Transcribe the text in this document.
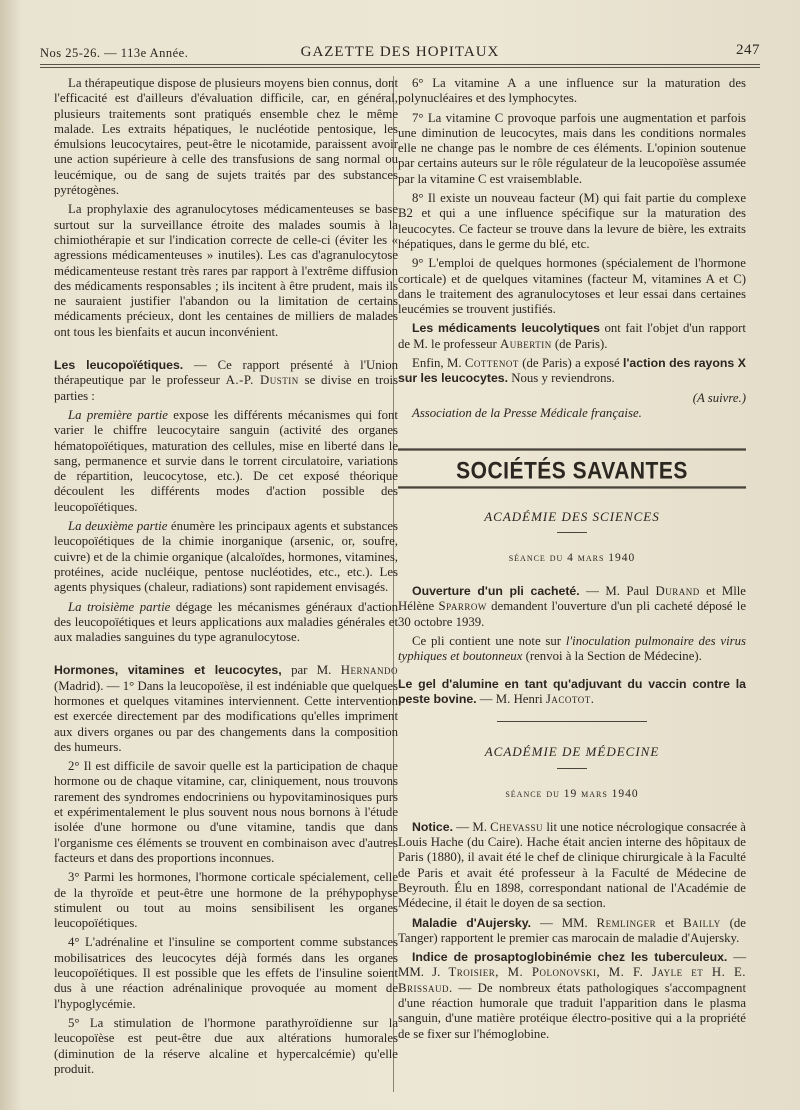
Nos 25-26. — 113e Année.	GAZETTE DES HOPITAUX	247

La thérapeutique dispose de plusieurs moyens bien connus, dont l'efficacité est d'ailleurs d'évaluation difficile, car, en général, plusieurs traitements sont pratiqués ensemble chez le même malade. Les extraits hépatiques, le nucléotide pentosique, les émulsions leucocytaires, peut-être le nicotamide, paraissent avoir une action supérieure à celle des transfusions de sang normal ou leucémique, ou de sang de sujets traités par des substances pyrétogènes.

La prophylaxie des agranulocytoses médicamenteuses se base surtout sur la surveillance étroite des malades soumis à la chimiothérapie et sur l'indication correcte de celle-ci (éviter les « agressions médicamenteuses » inutiles). Les cas d'agranulocytose médicamenteuse restant très rares par rapport à l'extrême diffusion des médicaments responsables ; ils incitent à être prudent, mais ils ne sauraient justifier l'abandon ou la limitation de certains médicaments précieux, dont les centaines de milliers de malades ont tous les bienfaits et aucun inconvénient.

Les leucopoïétiques. — Ce rapport présenté à l'Union thérapeutique par le professeur A.-P. Dustin se divise en trois parties :

La première partie expose les différents mécanismes qui font varier le chiffre leucocytaire sanguin (activité des organes hématopoïétiques, maturation des cellules, mise en liberté dans le sang, permanence et survie dans le torrent circulatoire, variations de répartition, leucocytose, etc.). De cet exposé théorique découlent les différents modes d'action possible des leucopoïétiques.

La deuxième partie énumère les principaux agents et substances leucopoïétiques de la chimie inorganique (arsenic, or, soufre, cuivre) et de la chimie organique (alcaloïdes, hormones, vitamines, protéines, acide nucléique, pentose nucléotides, etc., etc.). Les agents physiques (chaleur, radiations) sont rapidement envisagés.

La troisième partie dégage les mécanismes généraux d'action des leucopoïétiques et leurs applications aux maladies générales et aux maladies sanguines du type agranulocytose.

Hormones, vitamines et leucocytes, par M. Hernando (Madrid). — 1° Dans la leucopoïèse, il est indéniable que quelques hormones et quelques vitamines interviennent. Cette intervention est exercée directement par des modifications qu'elles impriment aux divers organes ou par des changements dans la composition des humeurs.

2° Il est difficile de savoir quelle est la participation de chaque hormone ou de chaque vitamine, car, cliniquement, nous trouvons rarement des syndromes endocriniens ou hypovitaminosiques purs et expérimentalement le plus souvent nous nous bornons à l'étude isolée d'une hormone ou d'une vitamine, tandis que dans l'organisme ces éléments se trouvent en combinaison avec d'autres facteurs et dans des proportions inconnues.

3° Parmi les hormones, l'hormone corticale spécialement, celle de la thyroïde et peut-être une hormone de la préhypophyse stimulent ou tout au moins sensibilisent les organes leucopoïétiques.

4° L'adrénaline et l'insuline se comportent comme substances mobilisatrices des leucocytes déjà formés dans les organes leucopoïétiques. Il est possible que les effets de l'insuline soient dus à une réaction adrénalinique provoquée au moment de l'hypoglycémie.

5° La stimulation de l'hormone parathyroïdienne sur la leucopoïèse est peut-être due aux altérations humorales (diminution de la réserve alcaline et hypercalcémie) qu'elle produit.

6° La vitamine A a une influence sur la maturation des polynucléaires et des lymphocytes.

7° La vitamine C provoque parfois une augmentation et parfois une diminution de leucocytes, mais dans les conditions normales elle ne change pas le nombre de ces éléments. L'opinion soutenue par certains auteurs sur le rôle régulateur de la leucopoïèse assumée par la vitamine C est vraisemblable.

8° Il existe un nouveau facteur (M) qui fait partie du complexe B2 et qui a une influence spécifique sur la maturation des leucocytes. Ce facteur se trouve dans la levure de bière, les extraits hépatiques, dans le germe du blé, etc.

9° L'emploi de quelques hormones (spécialement de l'hormone corticale) et de quelques vitamines (facteur M, vitamines A et C) dans le traitement des agranulocytoses et leur essai dans certaines leucémies se trouvent justifiés.

Les médicaments leucolytiques ont fait l'objet d'un rapport de M. le professeur Aubertin (de Paris).

Enfin, M. Cottenot (de Paris) a exposé l'action des rayons X sur les leucocytes. Nous y reviendrons.

(A suivre.)

Association de la Presse Médicale française.

SOCIÉTÉS SAVANTES
ACADÉMIE DES SCIENCES
séance du 4 mars 1940

Ouverture d'un pli cacheté. — M. Paul Durand et Mlle Hélène Sparrow demandent l'ouverture d'un pli cacheté déposé le 30 octobre 1939.

Ce pli contient une note sur l'inoculation pulmonaire des virus typhiques et boutonneux (renvoi à la Section de Médecine).

Le gel d'alumine en tant qu'adjuvant du vaccin contre la peste bovine. — M. Henri Jacotot.

ACADÉMIE DE MÉDECINE
séance du 19 mars 1940

Notice. — M. Chevassu lit une notice nécrologique consacrée à Louis Hache (du Caire). Hache était ancien interne des hôpitaux de Paris (1880), il avait été le chef de clinique chirurgicale à la Faculté de Paris et avait été professeur à la Faculté de Médecine de Beyrouth. Élu en 1898, correspondant national de l'Académie de Médecine, il était le doyen de sa section.

Maladie d'Aujersky. — MM. Remlinger et Bailly (de Tanger) rapportent le premier cas marocain de maladie d'Aujersky.

Indice de prosaptoglobinémie chez les tuberculeux. — MM. J. Troisier, M. Polonovski, M. F. Jayle et H. E. Brissaud. — De nombreux états pathologiques s'accompagnent d'une réaction humorale que traduit l'apparition dans le plasma sanguin, d'une matière protéique électro-positive qui a la propriété de se fixer sur l'hémoglobine.
